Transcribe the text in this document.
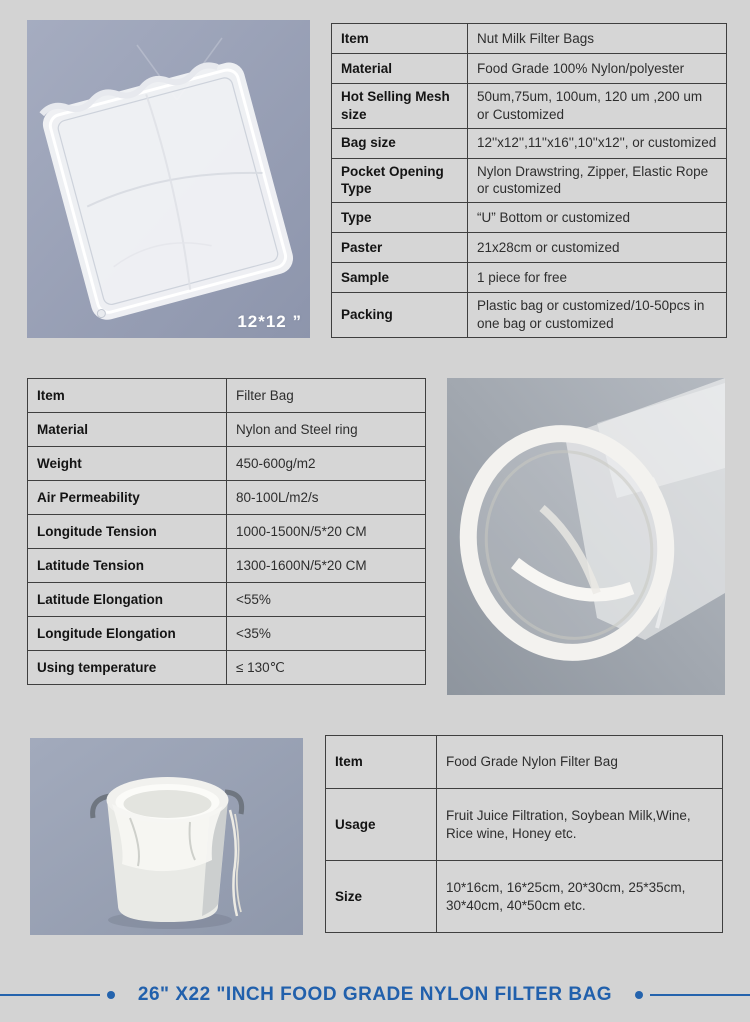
12*12 ”
Item	Nut Milk Filter Bags
Material	Food Grade 100% Nylon/polyester
Hot Selling Mesh size	50um,75um, 100um, 120 um ,200 um or Customized
Bag size	12''x12'',11''x16'',10''x12'', or customized
Pocket Opening Type	Nylon Drawstring, Zipper, Elastic Rope or customized
Type	“U” Bottom or customized
Paster	21x28cm or customized
Sample	1 piece for free
Packing	Plastic bag or customized/10-50pcs in one bag or customized
Item	Filter Bag
Material	Nylon and Steel ring
Weight	450-600g/m2
Air Permeability	80-100L/m2/s
Longitude Tension	1000-1500N/5*20 CM
Latitude Tension	1300-1600N/5*20 CM
Latitude Elongation	<55%
Longitude Elongation	<35%
Using temperature	≤ 130℃
Item	Food Grade Nylon Filter Bag
Usage	Fruit Juice Filtration, Soybean Milk,Wine, Rice wine, Honey etc.
Size	10*16cm, 16*25cm, 20*30cm, 25*35cm, 30*40cm, 40*50cm etc.
26" X22 "INCH FOOD GRADE NYLON FILTER BAG
